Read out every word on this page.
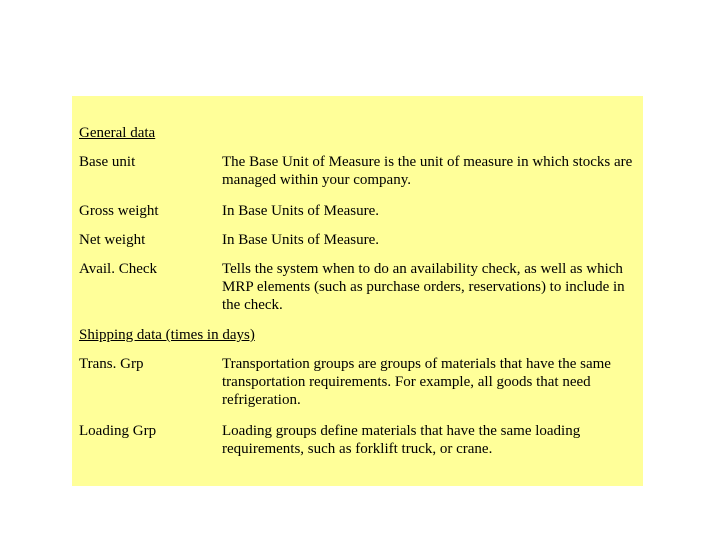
General data
Base unit	The Base Unit of Measure is the unit of measure in which stocks are managed within your company.
Gross weight	In Base Units of Measure.
Net weight	In Base Units of Measure.
Avail. Check	Tells the system when to do an availability check, as well as which MRP elements (such as purchase orders, reservations) to include in the check.
Shipping data (times in days)
Trans. Grp	Transportation groups are groups of materials that have the same transportation requirements. For example, all goods that need refrigeration.
Loading Grp	Loading groups define materials that have the same loading requirements, such as forklift truck, or crane.
